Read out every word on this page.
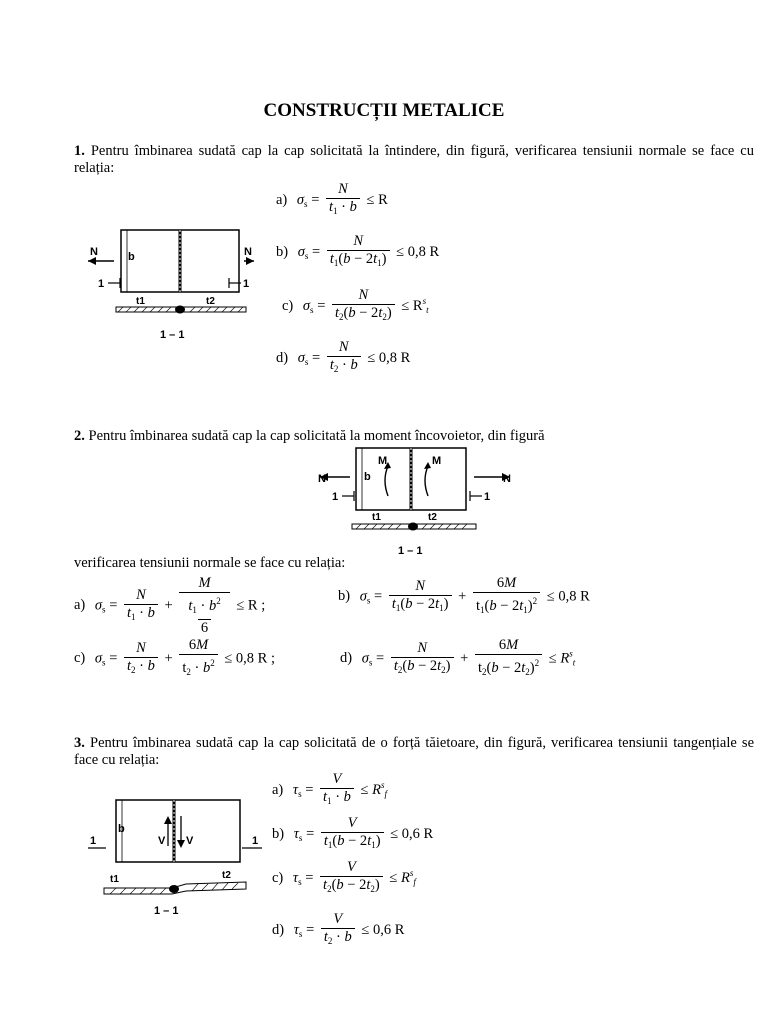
CONSTRUCȚII METALICE
1. Pentru îmbinarea sudată cap la cap solicitată la întindere, din figură, verificarea tensiunii normale se face cu relația:
N	N
b
1	1
t1	t2
1 – 1
a) $\sigma_s = \frac{N}{t_1 \cdot b} \le R$
b) $\sigma_s = \frac{N}{t_1(b - 2t_1)} \le 0,8$ R
c) $\sigma_s = \frac{N}{t_2(b - 2t_2)} \le R^s_t$
d) $\sigma_s = \frac{N}{t_2 \cdot b} \le 0,8$ R
2. Pentru îmbinarea sudată cap la cap solicitată la moment încovoietor, din figură
N	N
b
M	M
1	1
t1	t2
1 – 1
verificarea tensiunii normale se face cu relația:
a) $\sigma_s = \frac{N}{t_1 \cdot b} + \frac{M}{\frac{t_1 \cdot b^2}{6}} \le R$ ;
b) $\sigma_s = \frac{N}{t_1(b - 2t_1)} + \frac{6M}{t_1(b - 2t_1)^2} \le 0,8$ R
c) $\sigma_s = \frac{N}{t_2 \cdot b} + \frac{6M}{t_2 \cdot b^2} \le 0,8$ R ;	d) $\sigma_s = \frac{N}{t_2(b - 2t_2)} + \frac{6M}{t_2(b - 2t_2)^2} \le R^s_t$
3. Pentru îmbinarea sudată cap la cap solicitată de o forță tăietoare, din figură, verificarea tensiunii tangențiale se face cu relația:
b
V V
1	1
t1	t2
1 – 1
a) $\tau_s = \frac{V}{t_1 \cdot b} \le R^s_f$
b) $\tau_s = \frac{V}{t_1(b - 2t_1)} \le 0,6$ R
c) $\tau_s = \frac{V}{t_2(b - 2t_2)} \le R^s_f$
d) $\tau_s = \frac{V}{t_2 \cdot b} \le 0,6$ R
